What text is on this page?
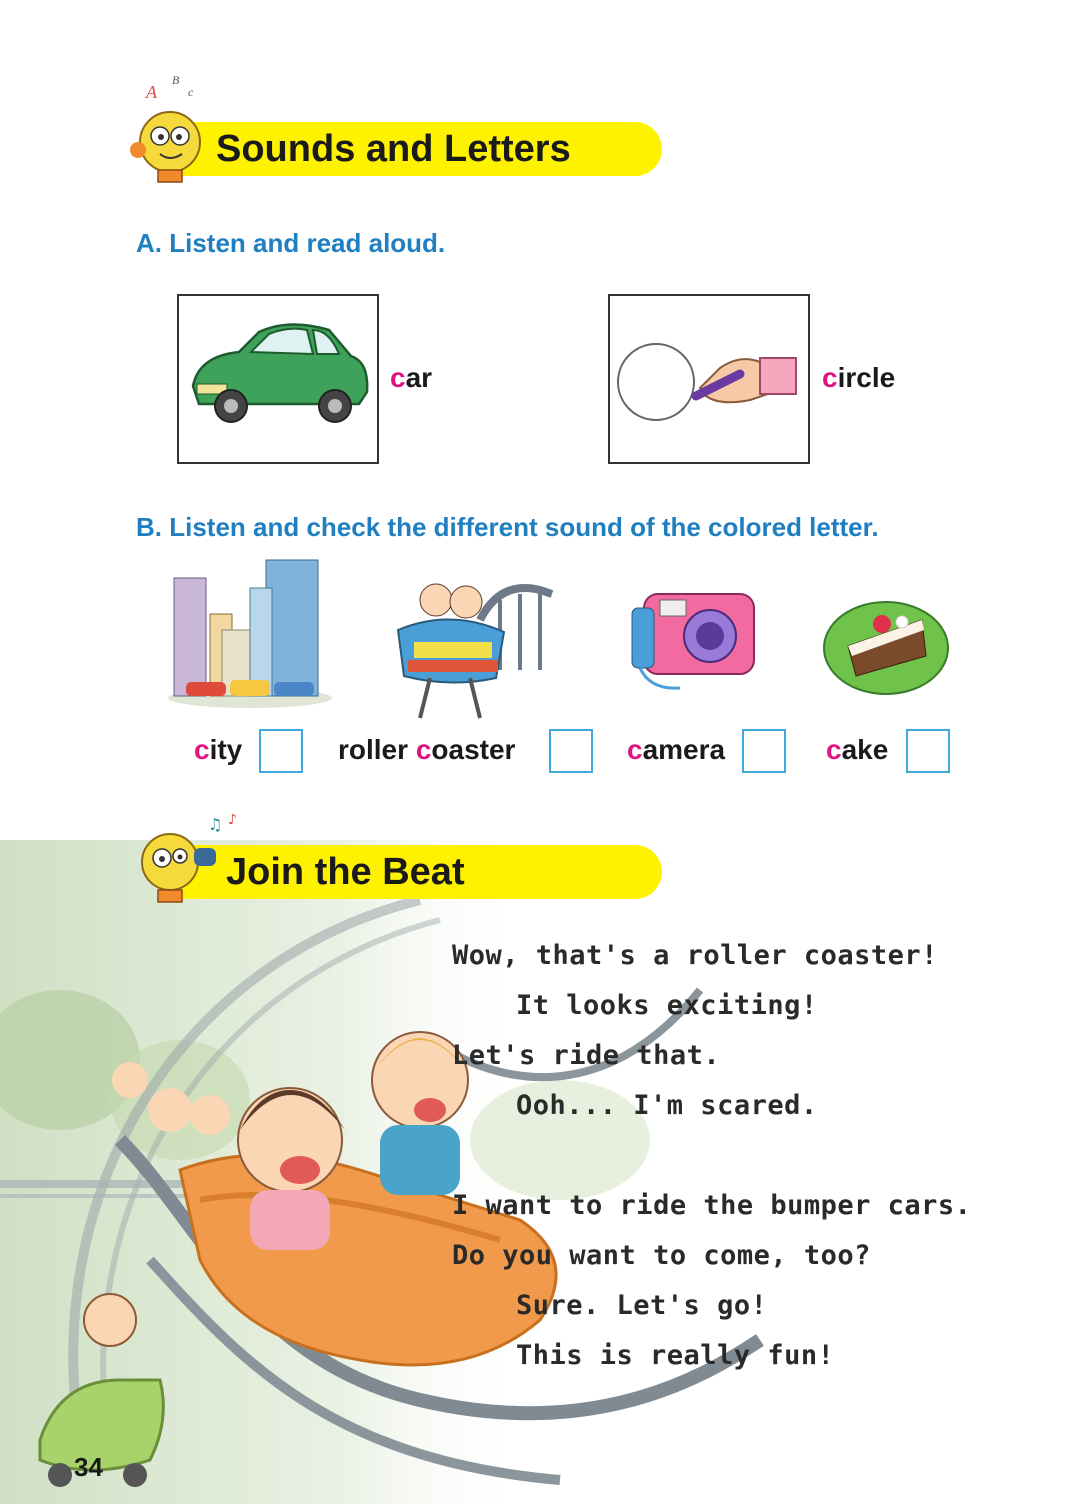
A
B
c
Sounds and Letters
A. Listen and read aloud.
car	circle
B. Listen and check the different sound of the colored letter.
city	roller coaster	camera	cake
♫ ♪
Join the Beat
Wow, that's a roller coaster!
It looks exciting!
Let's ride that.
Ooh... I'm scared.
I want to ride the bumper cars.
Do you want to come, too?
Sure. Let's go!
This is really fun!
34
